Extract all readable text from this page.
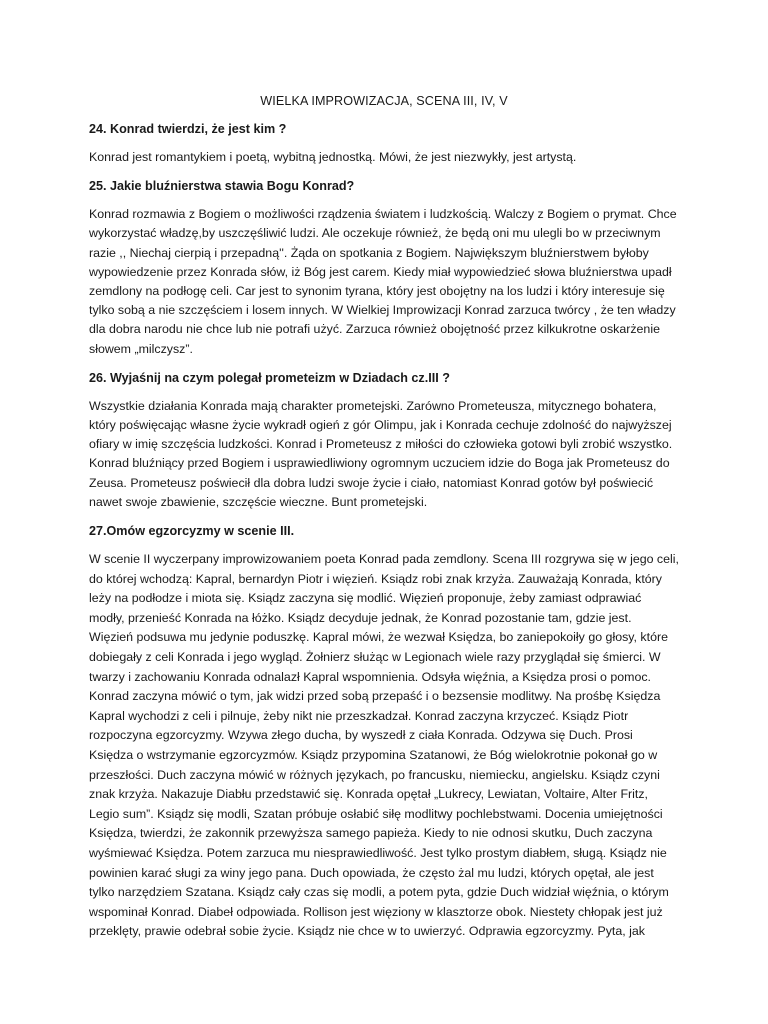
WIELKA IMPROWIZACJA, SCENA III, IV, V
24. Konrad twierdzi, że jest kim ?
Konrad jest romantykiem i poetą, wybitną jednostką. Mówi, że jest niezwykły, jest artystą.
25. Jakie bluźnierstwa stawia Bogu Konrad?
Konrad rozmawia z Bogiem o możliwości rządzenia światem i ludzkością. Walczy z Bogiem o prymat. Chce wykorzystać władzę,by uszczęśliwić ludzi. Ale oczekuje również, że będą oni mu ulegli bo w przeciwnym razie ,, Niechaj cierpią i przepadną''. Żąda on spotkania z Bogiem. Największym bluźnierstwem byłoby wypowiedzenie przez Konrada słów, iż Bóg jest carem. Kiedy miał wypowiedzieć słowa bluźnierstwa upadł zemdlony na podłogę celi. Car jest to synonim tyrana, który jest obojętny na los ludzi i który interesuje się tylko sobą a nie szczęściem i losem innych. W Wielkiej Improwizacji Konrad zarzuca twórcy , że ten władzy dla dobra narodu nie chce lub nie potrafi użyć. Zarzuca również obojętność przez kilkukrotne oskarżenie słowem „milczysz”.
26. Wyjaśnij na czym polegał prometeizm w Dziadach cz.III ?
Wszystkie działania Konrada mają charakter prometejski. Zarówno Prometeusza, mitycznego bohatera, który poświęcając własne życie wykradł ogień z gór Olimpu, jak i Konrada cechuje zdolność do najwyższej ofiary w imię szczęścia ludzkości. Konrad i Prometeusz z miłości do człowieka gotowi byli zrobić wszystko. Konrad bluźniący przed Bogiem i usprawiedliwiony ogromnym uczuciem idzie do Boga jak Prometeusz do Zeusa. Prometeusz poświecił dla dobra ludzi swoje życie i ciało, natomiast Konrad gotów był poświecić nawet swoje zbawienie, szczęście wieczne. Bunt prometejski.
27.Omów egzorcyzmy w scenie III.
W scenie II wyczerpany improwizowaniem poeta Konrad pada zemdlony. Scena III rozgrywa się w jego celi, do której wchodzą: Kapral, bernardyn Piotr i więzień. Ksiądz robi znak krzyża. Zauważają Konrada, który leży na podłodze i miota się. Ksiądz zaczyna się modlić. Więzień proponuje, żeby zamiast odprawiać modły, przenieść Konrada na łóżko. Ksiądz decyduje jednak, że Konrad pozostanie tam, gdzie jest. Więzień podsuwa mu jedynie poduszkę. Kapral mówi, że wezwał Księdza, bo zaniepokoiły go głosy, które dobiegały z celi Konrada i jego wygląd. Żołnierz służąc w Legionach wiele razy przyglądał się śmierci. W twarzy i zachowaniu Konrada odnalazł Kapral wspomnienia. Odsyła więźnia, a Księdza prosi o pomoc. Konrad zaczyna mówić o tym, jak widzi przed sobą przepaść i o bezsensie modlitwy. Na prośbę Księdza Kapral wychodzi z celi i pilnuje, żeby nikt nie przeszkadzał. Konrad zaczyna krzyczeć. Ksiądz Piotr rozpoczyna egzorcyzmy. Wzywa złego ducha, by wyszedł z ciała Konrada. Odzywa się Duch. Prosi Księdza o wstrzymanie egzorcyzmów. Ksiądz przypomina Szatanowi, że Bóg wielokrotnie pokonał go w przeszłości. Duch zaczyna mówić w różnych językach, po francusku, niemiecku, angielsku. Ksiądz czyni znak krzyża. Nakazuje Diabłu przedstawić się. Konrada opętał „Lukrecy, Lewiatan, Voltaire, Alter Fritz, Legio sum”. Ksiądz się modli, Szatan próbuje osłabić siłę modlitwy pochlebstwami. Docenia umiejętności Księdza, twierdzi, że zakonnik przewyższa samego papieża. Kiedy to nie odnosi skutku, Duch zaczyna wyśmiewać Księdza. Potem zarzuca mu niesprawiedliwość. Jest tylko prostym diabłem, sługą. Ksiądz nie powinien karać sługi za winy jego pana. Duch opowiada, że często żal mu ludzi, których opętał, ale jest tylko narzędziem Szatana. Ksiądz cały czas się modli, a potem pyta, gdzie Duch widział więźnia, o którym wspominał Konrad. Diabeł odpowiada. Rollison jest więziony w klasztorze obok. Niestety chłopak jest już przeklęty, prawie odebrał sobie życie. Ksiądz nie chce w to uwierzyć. Odprawia egzorcyzmy. Pyta, jak
